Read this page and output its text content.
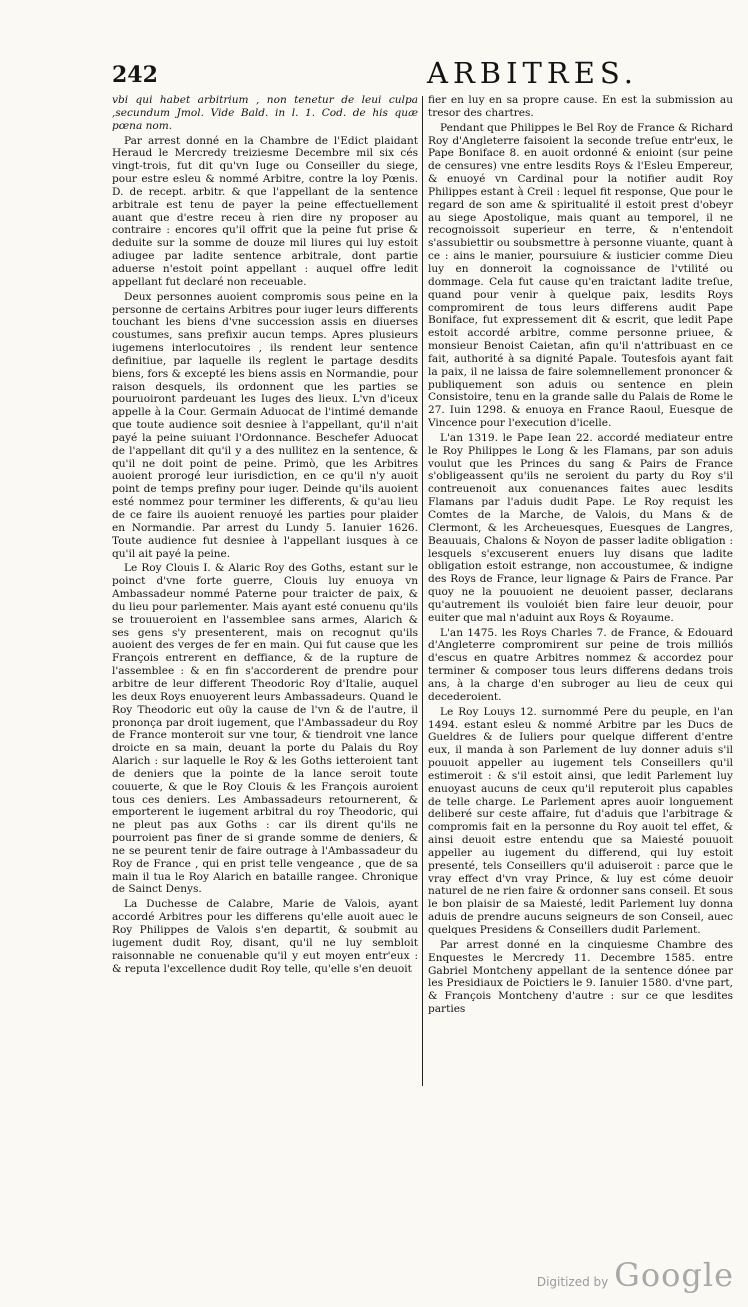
242	ARBITRES.

vbi qui habet arbitrium , non tenetur de leui culpa ,secundum Jmol. Vide Bald. in l. 1. Cod. de his quæ pœna nom.

Par arrest donné en la Chambre de l'Edict plaidant Heraud le Mercredy treiziesme Decembre mil six cés vingt-trois, fut dit qu'vn Iuge ou Conseiller du siege, pour estre esleu & nommé Arbitre, contre la loy Pœnis. D. de recept. arbitr. & que l'appellant de la sentence arbitrale est tenu de payer la peine effectuellement auant que d'estre receu à rien dire ny proposer au contraire : encores qu'il offrit que la peine fut prise & deduite sur la somme de douze mil liures qui luy estoit adiugee par ladite sentence arbitrale, dont partie aduerse n'estoit point appellant : auquel offre ledit appellant fut declaré non receuable.

Deux personnes auoient compromis sous peine en la personne de certains Arbitres pour iuger leurs differents touchant les biens d'vne succession assis en diuerses coustumes, sans prefixir aucun temps. Apres plusieurs iugemens interlocutoires , ils rendent leur sentence definitiue, par laquelle ils reglent le partage desdits biens, fors & excepté les biens assis en Normandie, pour raison desquels, ils ordonnent que les parties se pouruoiront pardeuant les Iuges des lieux. L'vn d'iceux appelle à la Cour. Germain Aduocat de l'intimé demande que toute audience soit desniee à l'appellant, qu'il n'ait payé la peine suiuant l'Ordonnance. Beschefer Aduocat de l'appellant dit qu'il y a des nullitez en la sentence, & qu'il ne doit point de peine. Primò, que les Arbitres auoient prorogé leur iurisdiction, en ce qu'il n'y auoit point de temps prefiny pour iuger. Deinde qu'ils auoient esté nommez pour terminer les differents, & qu'au lieu de ce faire ils auoient renuoyé les parties pour plaider en Normandie. Par arrest du Lundy 5. Ianuier 1626. Toute audience fut desniee à l'appellant iusques à ce qu'il ait payé la peine.

Le Roy Clouis I. & Alaric Roy des Goths, estant sur le poinct d'vne forte guerre, Clouis luy enuoya vn Ambassadeur nommé Paterne pour traicter de paix, & du lieu pour parlementer. Mais ayant esté conuenu qu'ils se trouueroient en l'assemblee sans armes, Alarich & ses gens s'y presenterent, mais on recognut qu'ils auoient des verges de fer en main. Qui fut cause que les François entrerent en deffiance, & de la rupture de l'assemblee : & en fin s'accorderent de prendre pour arbitre de leur different Theodoric Roy d'Italie, auquel les deux Roys enuoyerent leurs Ambassadeurs. Quand le Roy Theodoric eut oüy la cause de l'vn & de l'autre, il prononça par droit iugement, que l'Ambassadeur du Roy de France monteroit sur vne tour, & tiendroit vne lance droicte en sa main, deuant la porte du Palais du Roy Alarich : sur laquelle le Roy & les Goths ietteroient tant de deniers que la pointe de la lance seroit toute couuerte, & que le Roy Clouis & les François auroient tous ces deniers. Les Ambassadeurs retournerent, & emporterent le iugement arbitral du roy Theodoric, qui ne pleut pas aux Goths : car ils dirent qu'ils ne pourroient pas finer de si grande somme de deniers, & ne se peurent tenir de faire outrage à l'Ambassadeur du Roy de France , qui en prist telle vengeance , que de sa main il tua le Roy Alarich en bataille rangee. Chronique de Sainct Denys.

La Duchesse de Calabre, Marie de Valois, ayant accordé Arbitres pour les differens qu'elle auoit auec le Roy Philippes de Valois s'en departit, & soubmit au iugement dudit Roy, disant, qu'il ne luy sembloit raisonnable ne conuenable qu'il y eut moyen entr'eux : & reputa l'excellence dudit Roy telle, qu'elle s'en deuoit

fier en luy en sa propre cause. En est la submission au tresor des chartres.

Pendant que Philippes le Bel Roy de France & Richard Roy d'Angleterre faisoient la seconde treſue entr'eux, le Pape Boniface 8. en auoit ordonné & enioint (sur peine de censures) vne entre lesdits Roys & l'Esleu Empereur, & enuoyé vn Cardinal pour la notifier audit Roy Philippes estant à Creil : lequel fit response, Que pour le regard de son ame & spiritualité il estoit prest d'obeyr au siege Apostolique, mais quant au temporel, il ne recognoissoit superieur en terre, & n'entendoit s'assubiettir ou soubsmettre à personne viuante, quant à ce : ains le manier, poursuiure & iusticier comme Dieu luy en donneroit la cognoissance de l'vtilité ou dommage. Cela fut cause qu'en traictant ladite treſue, quand pour venir à quelque paix, lesdits Roys compromirent de tous leurs differens audit Pape Boniface, fut expressement dit & escrit, que ledit Pape estoit accordé arbitre, comme personne priuee, & monsieur Benoist Caietan, afin qu'il n'attribuast en ce fait, authorité à sa dignité Papale. Toutesfois ayant fait la paix, il ne laissa de faire solemnellement prononcer & publiquement son aduis ou sentence en plein Consistoire, tenu en la grande salle du Palais de Rome le 27. Iuin 1298. & enuoya en France Raoul, Euesque de Vincence pour l'execution d'icelle.

L'an 1319. le Pape Iean 22. accordé mediateur entre le Roy Philippes le Long & les Flamans, par son aduis voulut que les Princes du sang & Pairs de France s'obligeassent qu'ils ne seroient du party du Roy s'il contreuenoit aux conuenances faites auec lesdits Flamans par l'aduis dudit Pape. Le Roy requist les Comtes de la Marche, de Valois, du Mans & de Clermont, & les Archeuesques, Euesques de Langres, Beauuais, Chalons & Noyon de passer ladite obligation : lesquels s'excuserent enuers luy disans que ladite obligation estoit estrange, non accoustumee, & indigne des Roys de France, leur lignage & Pairs de France. Par quoy ne la pouuoient ne deuoient passer, declarans qu'autrement ils vouloiét bien faire leur deuoir, pour euiter que mal n'aduint aux Roys & Royaume.

L'an 1475. les Roys Charles 7. de France, & Edouard d'Angleterre compromirent sur peine de trois milliós d'escus en quatre Arbitres nommez & accordez pour terminer & composer tous leurs differens dedans trois ans, à la charge d'en subroger au lieu de ceux qui decederoient.

Le Roy Louys 12. surnommé Pere du peuple, en l'an 1494. estant esleu & nommé Arbitre par les Ducs de Gueldres & de Iuliers pour quelque different d'entre eux, il manda à son Parlement de luy donner aduis s'il pouuoit appeller au iugement tels Conseillers qu'il estimeroit : & s'il estoit ainsi, que ledit Parlement luy enuoyast aucuns de ceux qu'il reputeroit plus capables de telle charge. Le Parlement apres auoir longuement deliberé sur ceste affaire, fut d'aduis que l'arbitrage & compromis fait en la personne du Roy auoit tel effet, & ainsi deuoit estre entendu que sa Maiesté pouuoit appeller au iugement du differend, qui luy estoit presenté, tels Conseillers qu'il aduiseroit : parce que le vray effect d'vn vray Prince, & luy est cóme deuoir naturel de ne rien faire & ordonner sans conseil. Et sous le bon plaisir de sa Maiesté, ledit Parlement luy donna aduis de prendre aucuns seigneurs de son Conseil, auec quelques Presidens & Conseillers dudit Parlement.

Par arrest donné en la cinquiesme Chambre des Enquestes le Mercredy 11. Decembre 1585. entre Gabriel Montcheny appellant de la sentence dónee par les Presidiaux de Poictiers le 9. Ianuier 1580. d'vne part, & François Montcheny d'autre : sur ce que lesdites parties

Digitized by Google
